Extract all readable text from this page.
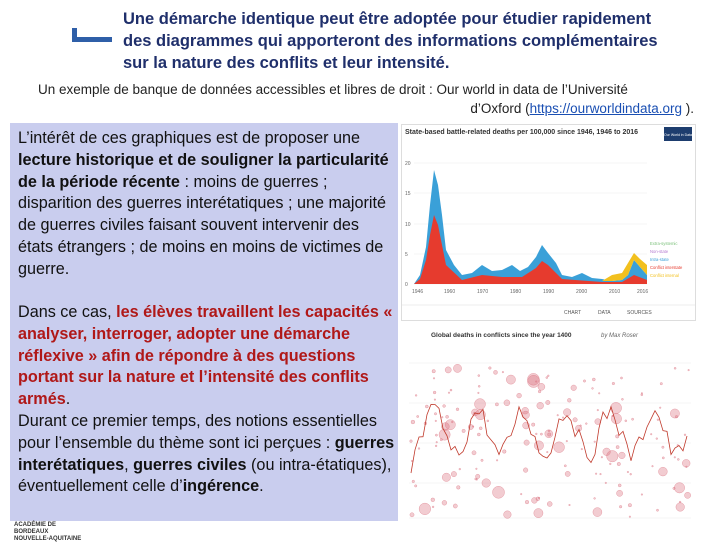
Une démarche identique peut être adoptée pour étudier rapidement
des diagrammes qui apporteront des informations complémentaires
sur la nature des conflits et leur intensité.
Un exemple de banque de données accessibles et libres de droit : Our world in data de l’Université
d’Oxford (https://ourworldindata.org ).
L’intérêt de ces graphiques est de proposer une lecture historique et de souligner la particularité de la période récente : moins de guerres ; disparition des guerres interétatiques ; une majorité de guerres civiles faisant souvent intervenir des états étrangers ; de moins en moins de victimes de guerre.
Dans ce cas, les élèves travaillent les capacités « analyser, interroger, adopter une démarche réflexive » afin de répondre à des questions portant sur la nature et l’intensité des conflits armés.
Durant ce premier temps, des notions essentielles pour l’ensemble du thème sont ici perçues : guerres interétatiques, guerres civiles (ou intra-étatiques), éventuellement celle d’ingérence.
State-based battle-related deaths per 100,000 since 1946, 1946 to 2016	Our World in Data
20
15
10
5
0
1946	1960	1970	1980	1990	2000	2010	2016
Extra-systemic
Non-state
Intra-state
Conflict interstate
Conflict internal
CHART	DATA	SOURCES
Global deaths in conflicts since the year 1400	by Max Roser
ACADÉMIE DE
BORDEAUX
NOUVELLE-AQUITAINE
